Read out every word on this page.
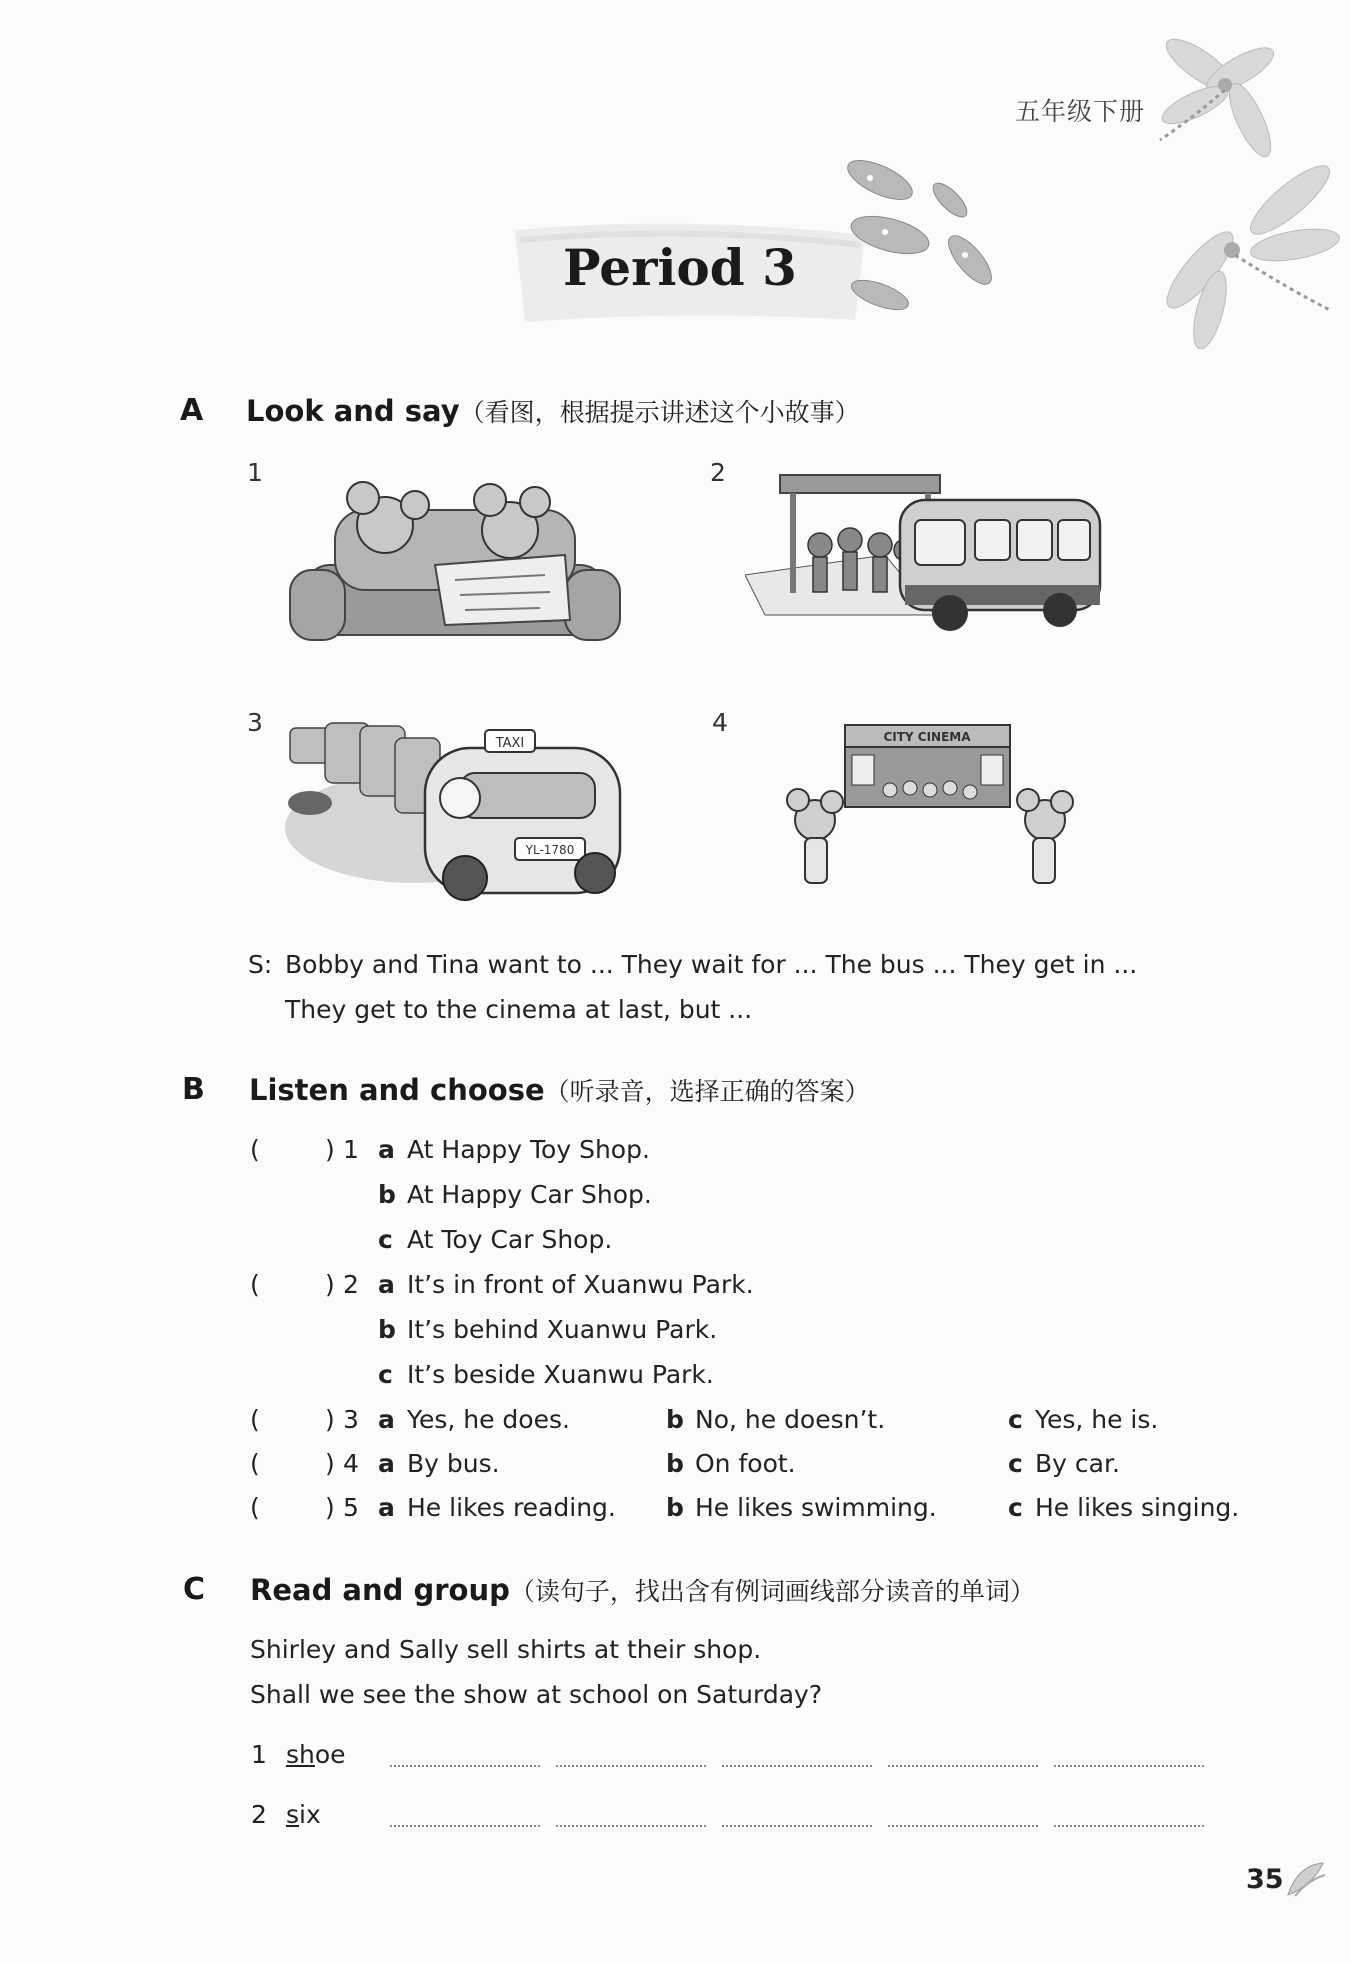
五年级下册
Period 3
A Look and say（看图，根据提示讲述这个小故事）
1	2
3
TAXI
YL-1780
4	CITY CINEMA
S: Bobby and Tina want to ... They wait for ... The bus ... They get in ...
They get to the cinema at last, but ...
B Listen and choose（听录音，选择正确的答案）
(	) 1 a At Happy Toy Shop.
b At Happy Car Shop.
c At Toy Car Shop.
(	) 2 a It’s in front of Xuanwu Park.
b It’s behind Xuanwu Park.
c It’s beside Xuanwu Park.
(	) 3 a Yes, he does.	b No, he doesn’t.	c Yes, he is.
(	) 4 a By bus.	b On foot.	c By car.
(	) 5 a He likes reading. b He likes swimming.	c He likes singing.
C Read and group（读句子，找出含有例词画线部分读音的单词）
Shirley and Sally sell shirts at their shop.
Shall we see the show at school on Saturday?
1 shoe
2 six
35
